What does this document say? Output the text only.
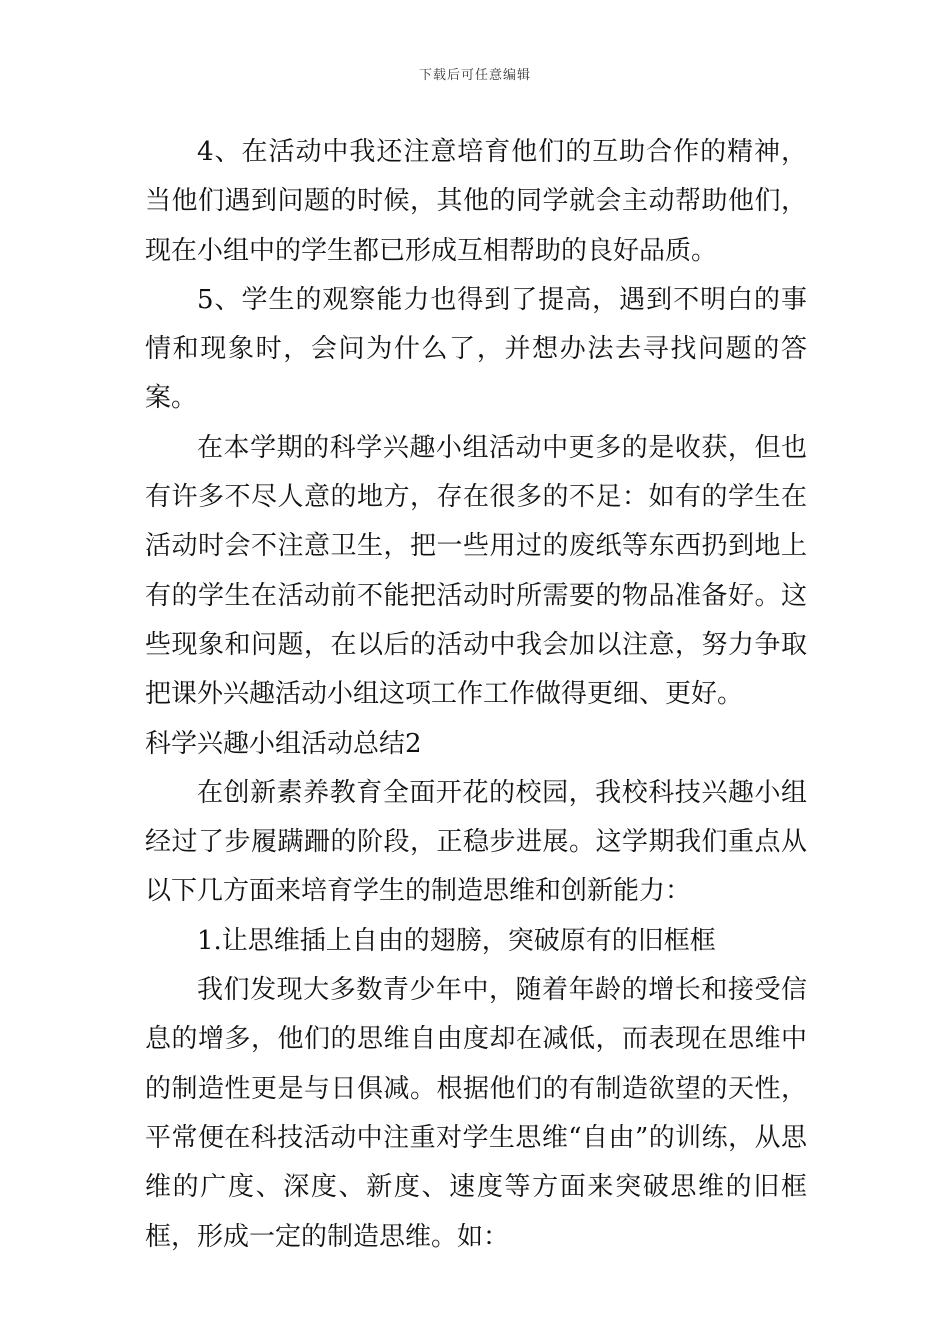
下载后可任意编辑

4、在活动中我还注意培育他们的互助合作的精神，当他们遇到问题的时候，其他的同学就会主动帮助他们，现在小组中的学生都已形成互相帮助的良好品质。

5、学生的观察能力也得到了提高，遇到不明白的事情和现象时，会问为什么了，并想办法去寻找问题的答案。

在本学期的科学兴趣小组活动中更多的是收获，但也有许多不尽人意的地方，存在很多的不足：如有的学生在活动时会不注意卫生，把一些用过的废纸等东西扔到地上有的学生在活动前不能把活动时所需要的物品准备好。这些现象和问题，在以后的活动中我会加以注意，努力争取把课外兴趣活动小组这项工作工作做得更细、更好。

科学兴趣小组活动总结2

在创新素养教育全面开花的校园，我校科技兴趣小组经过了步履蹒跚的阶段，正稳步进展。这学期我们重点从以下几方面来培育学生的制造思维和创新能力：

1.让思维插上自由的翅膀，突破原有的旧框框

我们发现大多数青少年中，随着年龄的增长和接受信息的增多，他们的思维自由度却在减低，而表现在思维中的制造性更是与日俱减。根据他们的有制造欲望的天性，平常便在科技活动中注重对学生思维“自由”的训练，从思维的广度、深度、新度、速度等方面来突破思维的旧框框，形成一定的制造思维。如：
